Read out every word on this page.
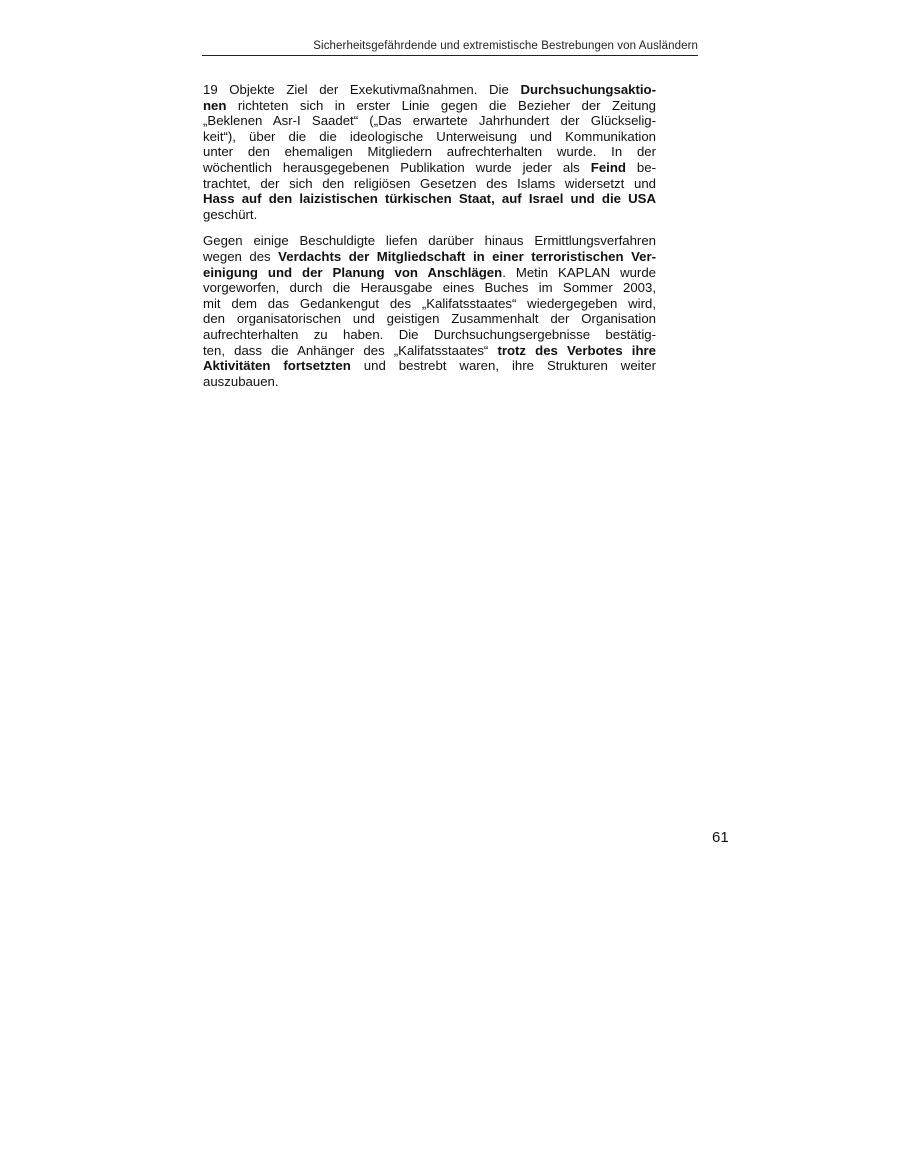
Sicherheitsgefährdende und extremistische Bestrebungen von Ausländern

19 Objekte Ziel der Exekutivmaßnahmen. Die Durchsuchungsaktio-
nen richteten sich in erster Linie gegen die Bezieher der Zeitung
„Beklenen Asr-I Saadet“ („Das erwartete Jahrhundert der Glückselig-
keit“), über die die ideologische Unterweisung und Kommunikation
unter den ehemaligen Mitgliedern aufrechterhalten wurde. In der
wöchentlich herausgegebenen Publikation wurde jeder als Feind be-
trachtet, der sich den religiösen Gesetzen des Islams widersetzt und
Hass auf den laizistischen türkischen Staat, auf Israel und die USA
geschürt.

Gegen einige Beschuldigte liefen darüber hinaus Ermittlungsverfahren
wegen des Verdachts der Mitgliedschaft in einer terroristischen Ver-
einigung und der Planung von Anschlägen. Metin KAPLAN wurde
vorgeworfen, durch die Herausgabe eines Buches im Sommer 2003,
mit dem das Gedankengut des „Kalifatsstaates“ wiedergegeben wird,
den organisatorischen und geistigen Zusammenhalt der Organisation
aufrechterhalten zu haben. Die Durchsuchungsergebnisse bestätig-
ten, dass die Anhänger des „Kalifatsstaates“ trotz des Verbotes ihre
Aktivitäten fortsetzten und bestrebt waren, ihre Strukturen weiter
auszubauen.

61
